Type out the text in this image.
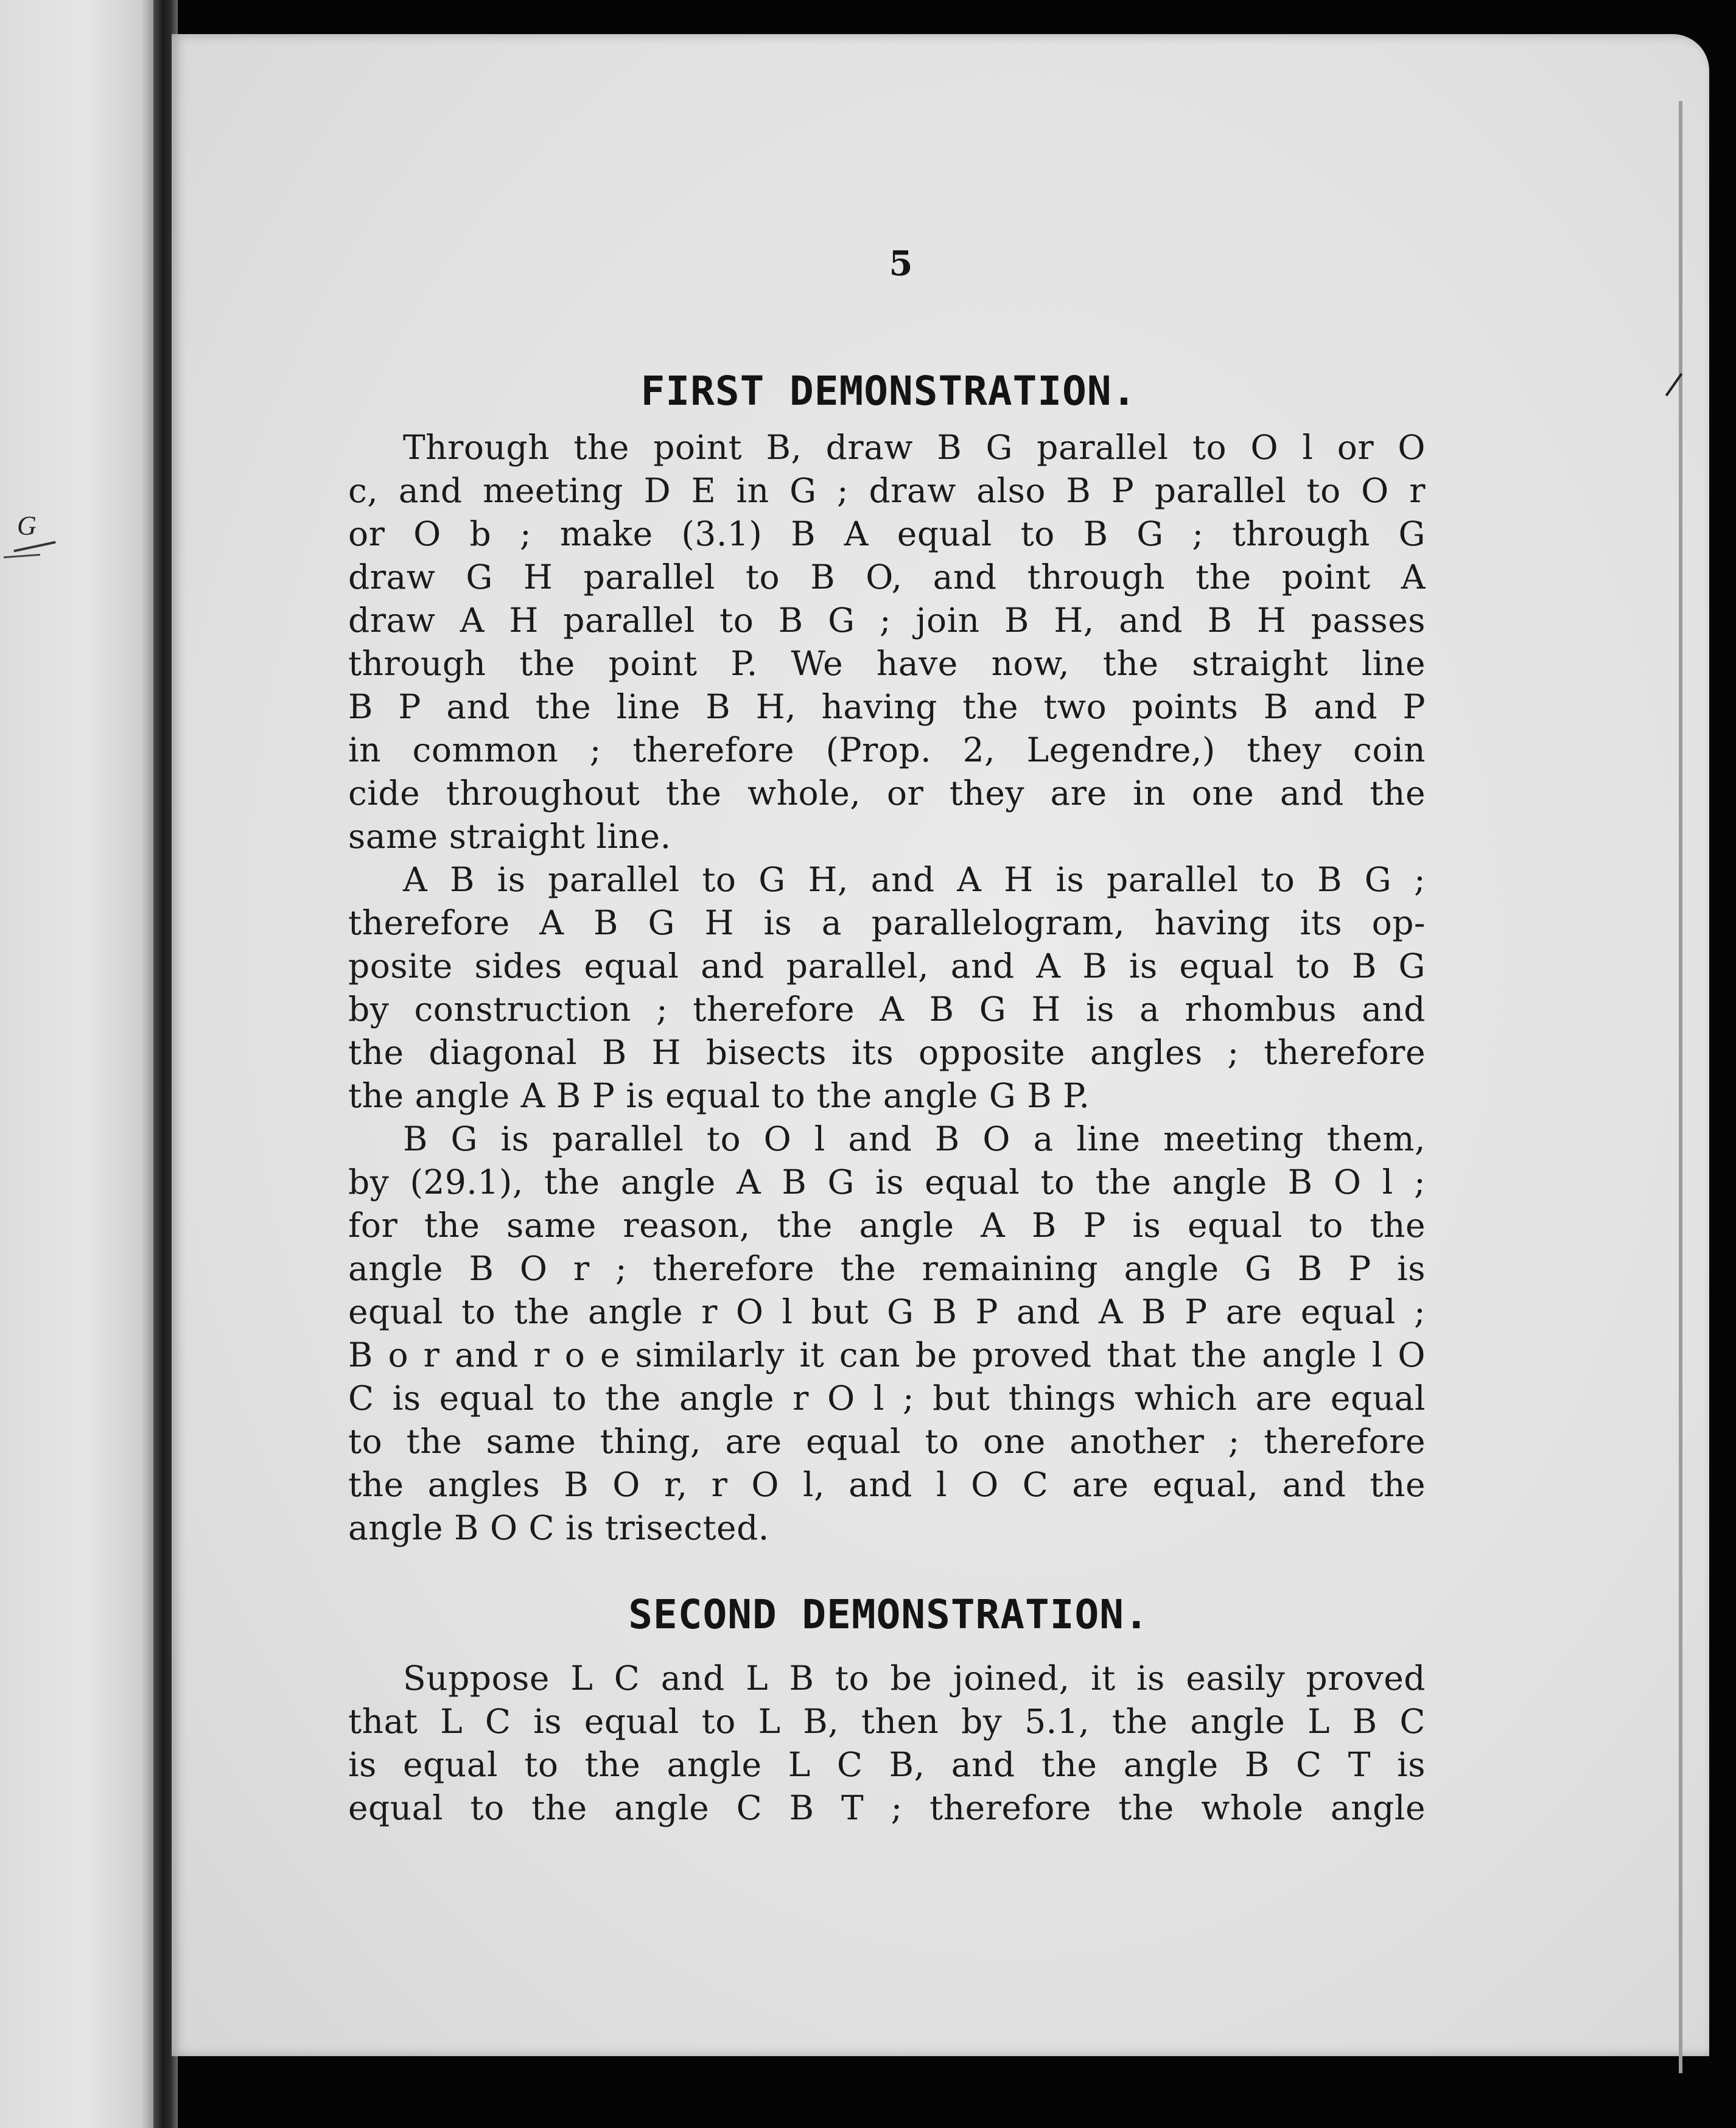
G
5
FIRST DEMONSTRATION.
Through the point B, draw B G parallel to O l or O
c, and meeting D E in G ; draw also B P parallel to O r
or O b ; make (3.1) B A equal to B G ; through G
draw G H parallel to B O, and through the point A
draw A H parallel to B G ; join B H, and B H passes
through the point P. We have now, the straight line
B P and the line B H, having the two points B and P
in common ; therefore (Prop. 2, Legendre,) they coin
cide throughout the whole, or they are in one and the
same straight line.
A B is parallel to G H, and A H is parallel to B G ;
therefore A B G H is a parallelogram, having its op-
posite sides equal and parallel, and A B is equal to B G
by construction ; therefore A B G H is a rhombus and
the diagonal B H bisects its opposite angles ; therefore
the angle A B P is equal to the angle G B P.
B G is parallel to O l and B O a line meeting them,
by (29.1), the angle A B G is equal to the angle B O l ;
for the same reason, the angle A B P is equal to the
angle B O r ; therefore the remaining angle G B P is
equal to the angle r O l but G B P and A B P are equal ;
B o r and r o e similarly it can be proved that the angle l O
C is equal to the angle r O l ; but things which are equal
to the same thing, are equal to one another ; therefore
the angles B O r, r O l, and l O C are equal, and the
angle B O C is trisected.
SECOND DEMONSTRATION.
Suppose L C and L B to be joined, it is easily proved
that L C is equal to L B, then by 5.1, the angle L B C
is equal to the angle L C B, and the angle B C T is
equal to the angle C B T ; therefore the whole angle
